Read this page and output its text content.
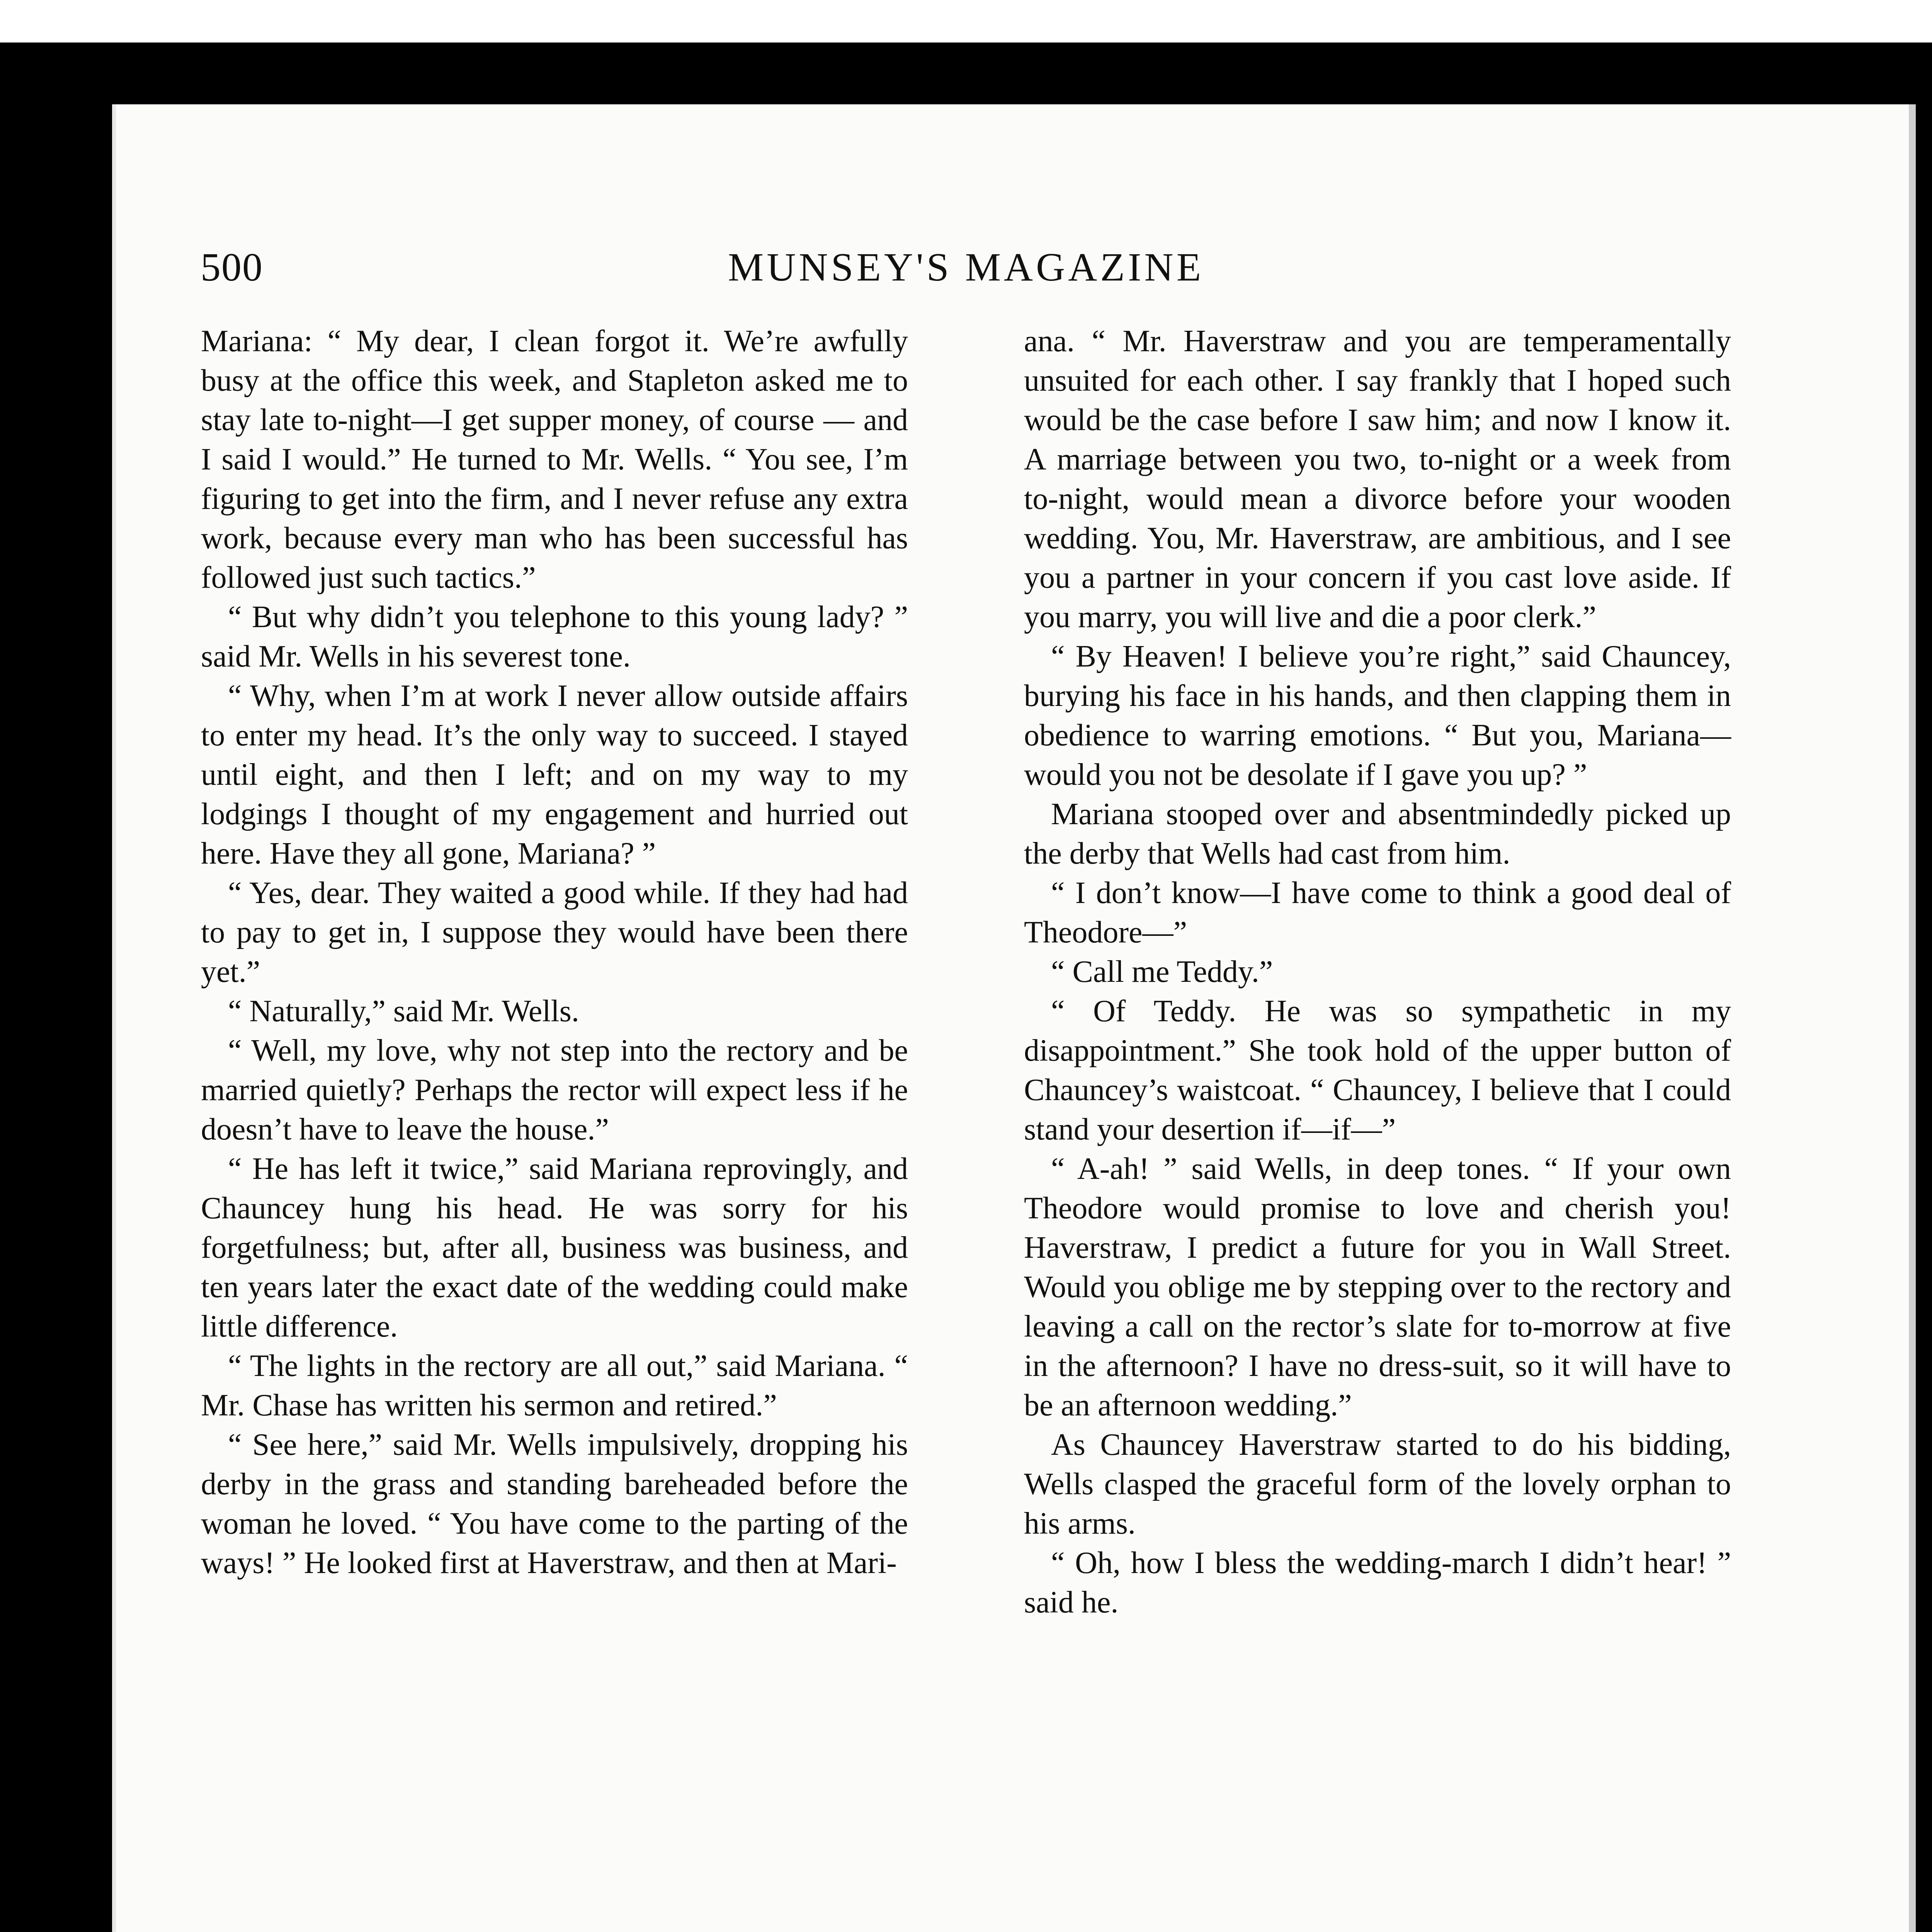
500	MUNSEY'S MAGAZINE

Mariana: “ My dear, I clean forgot it. We’re awfully busy at the office this week, and Stapleton asked me to stay late to-night—I get supper money, of course — and I said I would.” He turned to Mr. Wells. “ You see, I’m figuring to get into the firm, and I never refuse any extra work, because every man who has been successful has followed just such tactics.”

“ But why didn’t you telephone to this young lady? ” said Mr. Wells in his severest tone.

“ Why, when I’m at work I never allow outside affairs to enter my head. It’s the only way to succeed. I stayed until eight, and then I left; and on my way to my lodgings I thought of my engagement and hurried out here. Have they all gone, Mariana? ”

“ Yes, dear. They waited a good while. If they had had to pay to get in, I suppose they would have been there yet.”

“ Naturally,” said Mr. Wells.

“ Well, my love, why not step into the rectory and be married quietly? Perhaps the rector will expect less if he doesn’t have to leave the house.”

“ He has left it twice,” said Mariana reprovingly, and Chauncey hung his head. He was sorry for his forgetfulness; but, after all, business was business, and ten years later the exact date of the wedding could make little difference.

“ The lights in the rectory are all out,” said Mariana. “ Mr. Chase has written his sermon and retired.”

“ See here,” said Mr. Wells impulsively, dropping his derby in the grass and standing bareheaded before the woman he loved. “ You have come to the parting of the ways! ” He looked first at Haverstraw, and then at Mari-

ana. “ Mr. Haverstraw and you are temperamentally unsuited for each other. I say frankly that I hoped such would be the case before I saw him; and now I know it. A marriage between you two, to-night or a week from to-night, would mean a divorce before your wooden wedding. You, Mr. Haverstraw, are ambitious, and I see you a partner in your concern if you cast love aside. If you marry, you will live and die a poor clerk.”

“ By Heaven! I believe you’re right,” said Chauncey, burying his face in his hands, and then clapping them in obedience to warring emotions. “ But you, Mariana—would you not be desolate if I gave you up? ”

Mariana stooped over and absentmindedly picked up the derby that Wells had cast from him.

“ I don’t know—I have come to think a good deal of Theodore—”

“ Call me Teddy.”

“ Of Teddy. He was so sympathetic in my disappointment.” She took hold of the upper button of Chauncey’s waistcoat. “ Chauncey, I believe that I could stand your desertion if—if—”

“ A-ah! ” said Wells, in deep tones. “ If your own Theodore would promise to love and cherish you! Haverstraw, I predict a future for you in Wall Street. Would you oblige me by stepping over to the rectory and leaving a call on the rector’s slate for to-morrow at five in the afternoon? I have no dress-suit, so it will have to be an afternoon wedding.”

As Chauncey Haverstraw started to do his bidding, Wells clasped the graceful form of the lovely orphan to his arms.

“ Oh, how I bless the wedding-march I didn’t hear! ” said he.
